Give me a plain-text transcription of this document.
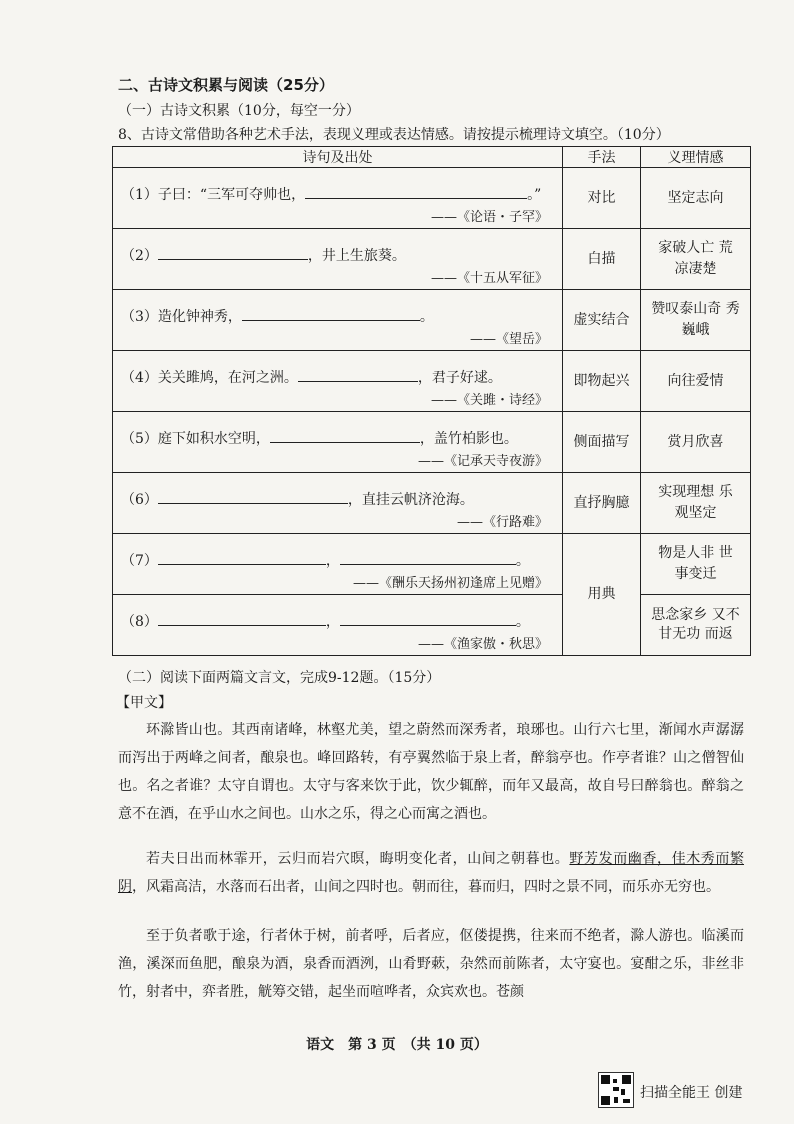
二、古诗文积累与阅读（25分）
（一）古诗文积累（10分，每空一分）
8、古诗文常借助各种艺术手法，表现义理或表达情感。请按提示梳理诗文填空。（10分）
诗句及出处	手法	义理情感

（1）子曰：“三军可夺帅也， 。”
——《论语・子罕》	对比	坚定志向

（2） ，井上生旅葵。
——《十五从军征》	白描	家破人亡 荒凉凄楚

（3）造化钟神秀， 。
——《望岳》	虚实结合	赞叹泰山奇 秀巍峨

（4）关关雎鸠，在河之洲。 ，君子好逑。
——《关雎・诗经》	即物起兴	向往爱情

（5）庭下如积水空明， ，盖竹柏影也。
——《记承天寺夜游》	侧面描写	赏月欣喜

（6） ，直挂云帆济沧海。
——《行路难》	直抒胸臆	实现理想 乐观坚定

（7） ， 。
——《酬乐天扬州初逢席上见赠》	用典	物是人非 世事变迁

（8） ， 。
——《渔家傲・秋思》		思念家乡 又不甘无功 而返
（二）阅读下面两篇文言文，完成9-12题。（15分）
【甲文】
环滁皆山也。其西南诸峰，林壑尤美，望之蔚然而深秀者，琅琊也。山行六七里，渐闻水声潺潺而泻出于两峰之间者，酿泉也。峰回路转，有亭翼然临于泉上者，醉翁亭也。作亭者谁？山之僧智仙也。名之者谁？太守自谓也。太守与客来饮于此，饮少辄醉，而年又最高，故自号曰醉翁也。醉翁之意不在酒，在乎山水之间也。山水之乐，得之心而寓之酒也。
若夫日出而林霏开，云归而岩穴暝，晦明变化者，山间之朝暮也。野芳发而幽香，佳木秀而繁阴，风霜高洁，水落而石出者，山间之四时也。朝而往，暮而归，四时之景不同，而乐亦无穷也。
至于负者歌于途，行者休于树，前者呼，后者应，伛偻提携，往来而不绝者，滁人游也。临溪而渔，溪深而鱼肥，酿泉为酒，泉香而酒洌，山肴野蔌，杂然而前陈者，太守宴也。宴酣之乐，非丝非竹，射者中，弈者胜，觥筹交错，起坐而喧哗者，众宾欢也。苍颜
语文　第 3 页　（共 10 页）
扫描全能王 创建
